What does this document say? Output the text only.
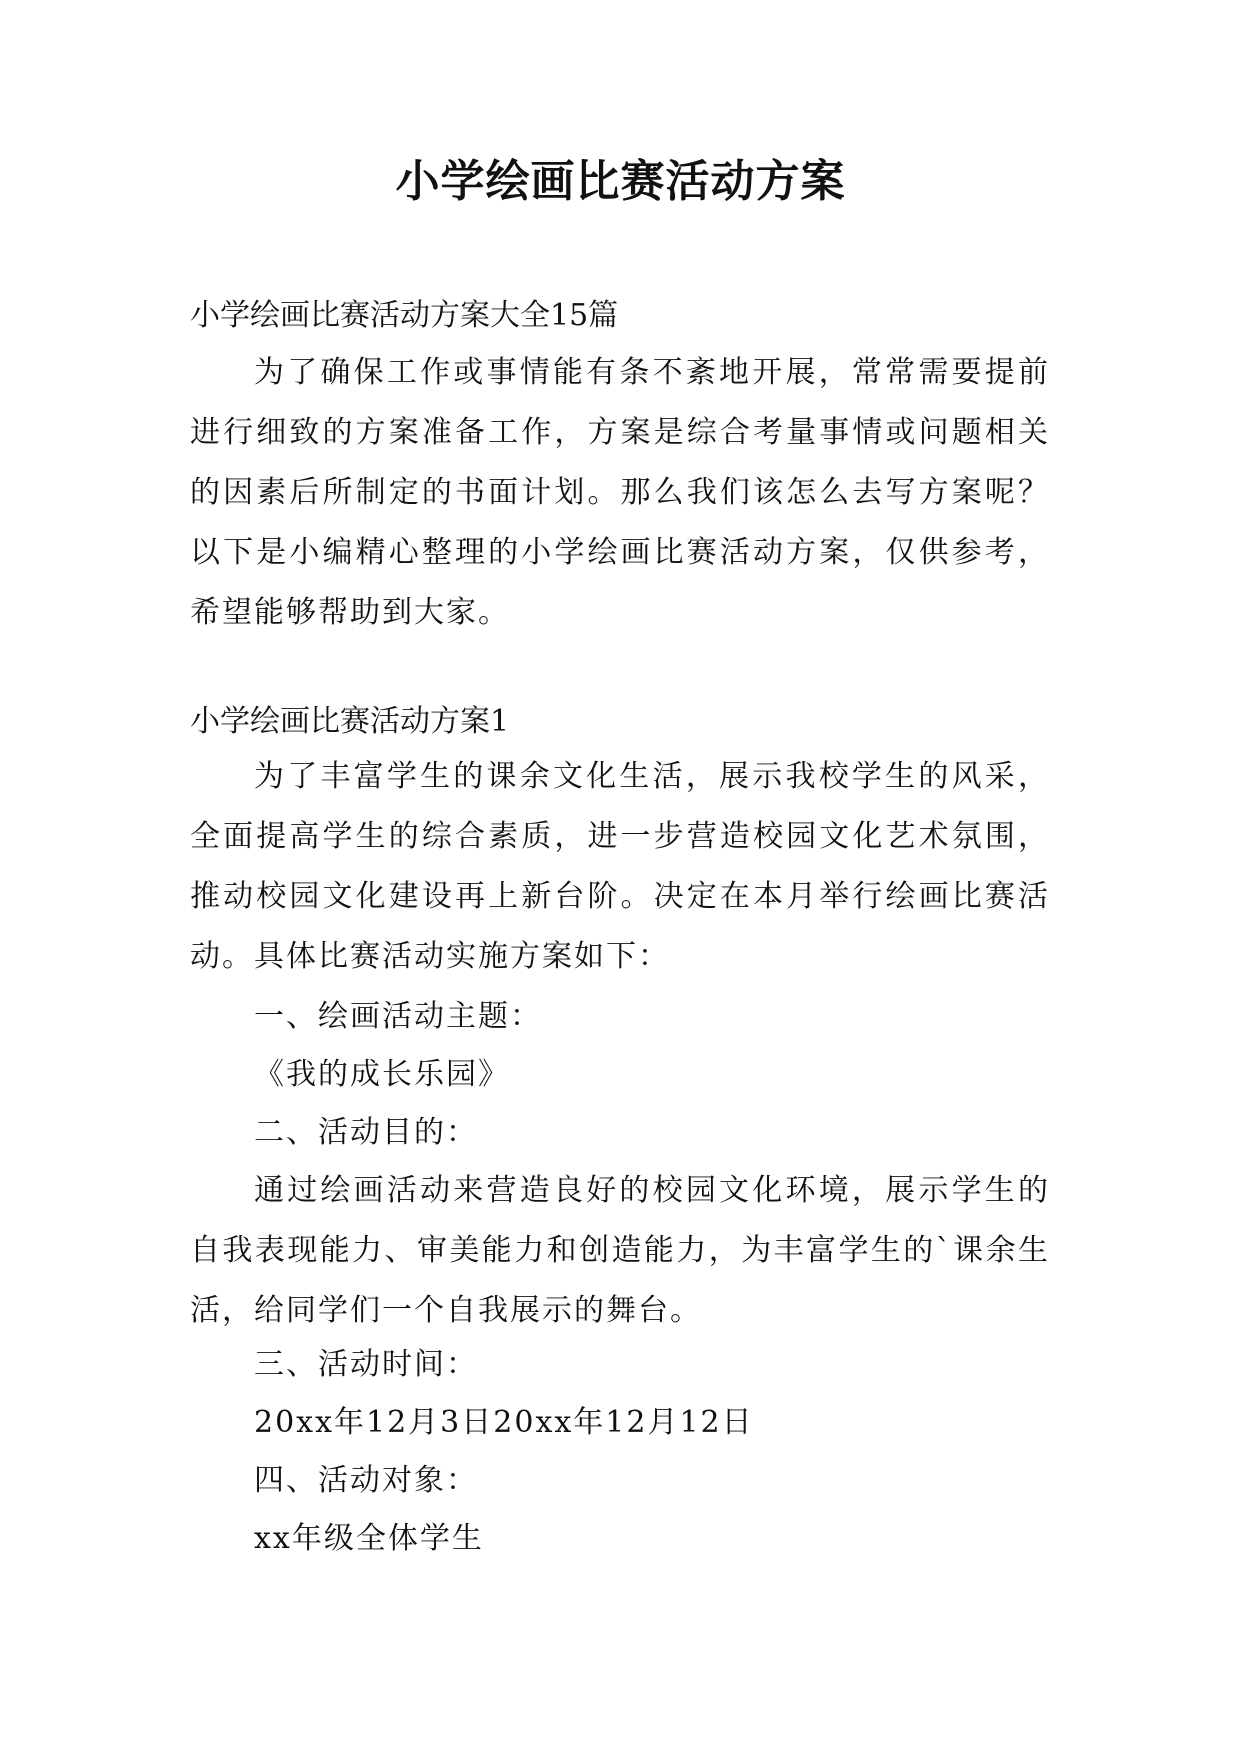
小学绘画比赛活动方案
小学绘画比赛活动方案大全15篇
为了确保工作或事情能有条不紊地开展，常常需要提前进行细致的方案准备工作，方案是综合考量事情或问题相关的因素后所制定的书面计划。那么我们该怎么去写方案呢？以下是小编精心整理的小学绘画比赛活动方案，仅供参考，希望能够帮助到大家。
小学绘画比赛活动方案1
为了丰富学生的课余文化生活，展示我校学生的风采，全面提高学生的综合素质，进一步营造校园文化艺术氛围，推动校园文化建设再上新台阶。决定在本月举行绘画比赛活动。具体比赛活动实施方案如下：
一、绘画活动主题：
《我的成长乐园》
二、活动目的：
通过绘画活动来营造良好的校园文化环境，展示学生的自我表现能力、审美能力和创造能力，为丰富学生的`课余生活，给同学们一个自我展示的舞台。
三、活动时间：
20xx年12月3日20xx年12月12日
四、活动对象：
xx年级全体学生
